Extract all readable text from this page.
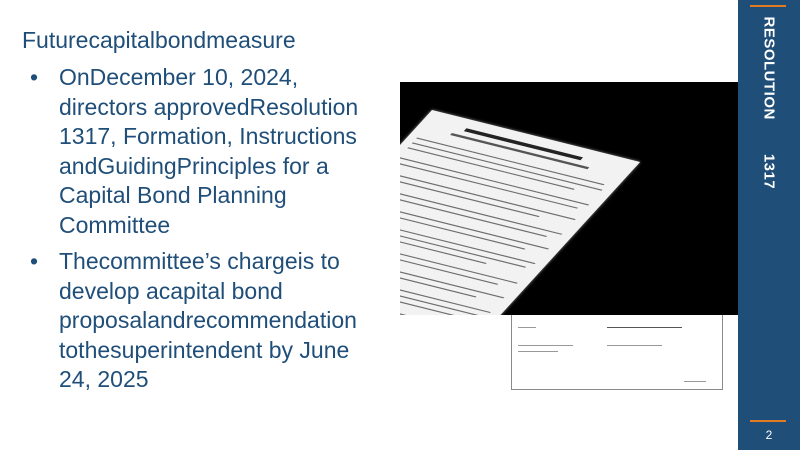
Futurecapitalbondmeasure
• OnDecember 10, 2024,
directors approvedResolution
1317, Formation, Instructions
andGuidingPrinciples for a
Capital Bond Planning
Committee
• Thecommittee’s chargeis to
develop acapital bond
proposalandrecommendation
tothesuperintendent by June
24, 2025
RESOLUTION
1317
2
